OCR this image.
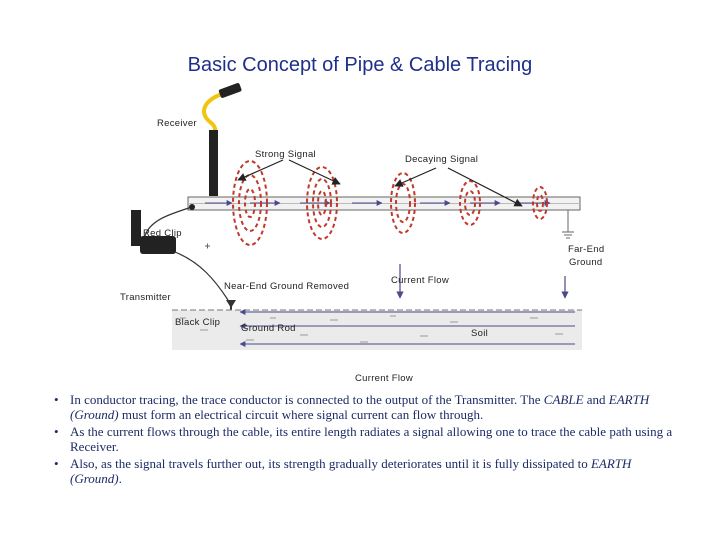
Basic Concept of Pipe & Cable Tracing
Receiver
Strong Signal	Decaying Signal
Red Clip
Far-End
Ground
Near-End Ground Removed
Current Flow
Transmitter
Black Clip
Ground Rod	Soil
Current Flow
• In conductor tracing, the trace conductor is connected to the output of the Transmitter. The CABLE and EARTH (Ground) must form an electrical circuit where signal current can flow through.
• As the current flows through the cable, its entire length radiates a signal allowing one to trace the cable path using a Receiver.
• Also, as the signal travels further out, its strength gradually deteriorates until it is fully dissipated to EARTH (Ground).
